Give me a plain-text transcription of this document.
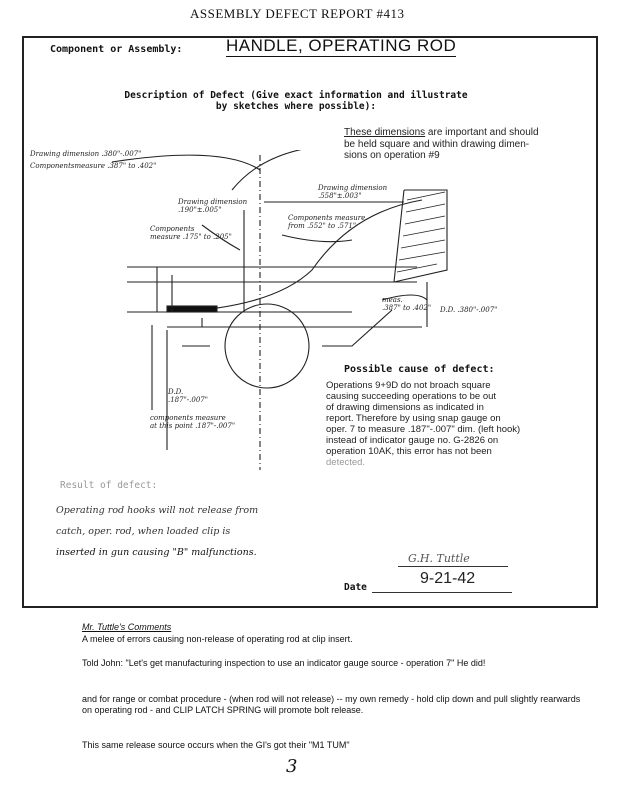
ASSEMBLY DEFECT REPORT #413
Component or Assembly:	HANDLE, OPERATING ROD
Description of Defect (Give exact information and illustrate
by sketches where possible):
These dimensions are important and should
be held square and within drawing dimen-
sions on operation #9
Drawing dimension .380"-.007"
Componentsmeasure .387" to .402"
Drawing dimension
.190"±.005"
Components
measure .175" to .205"
Drawing dimension
.558"±.003"
Components measure
from .552" to .571"
meas.
.387" to .402" D.D. .380"-.007"
D.D.
.187"-.007"
components measure
at this point .187"-.007"
Possible cause of defect:
Operations 9+9D do not broach square
causing succeeding operations to be out
of drawing dimensions as indicated in
report. Therefore by using snap gauge on
oper. 7 to measure .187"-.007" dim. (left hook)
instead of indicator gauge no. G-2826 on
operation 10AK, this error has not been
detected.
Result of defect:
Operating rod hooks will not release from
catch, oper. rod, when loaded clip is
inserted in gun causing "B" malfunctions.	G.H. Tuttle
Date
9-21-42
Mr. Tuttle's Comments
A melee of errors causing non-release of operating rod at clip insert.
Told John: "Let's get manufacturing inspection to use an indicator gauge source - operation 7" He did!
and for range or combat procedure - (when rod will not release) -- my own remedy - hold clip down and pull slightly rearwards on operating rod - and CLIP LATCH SPRING will promote bolt release.
This same release source occurs when the GI's got their "M1 TUM"
3
